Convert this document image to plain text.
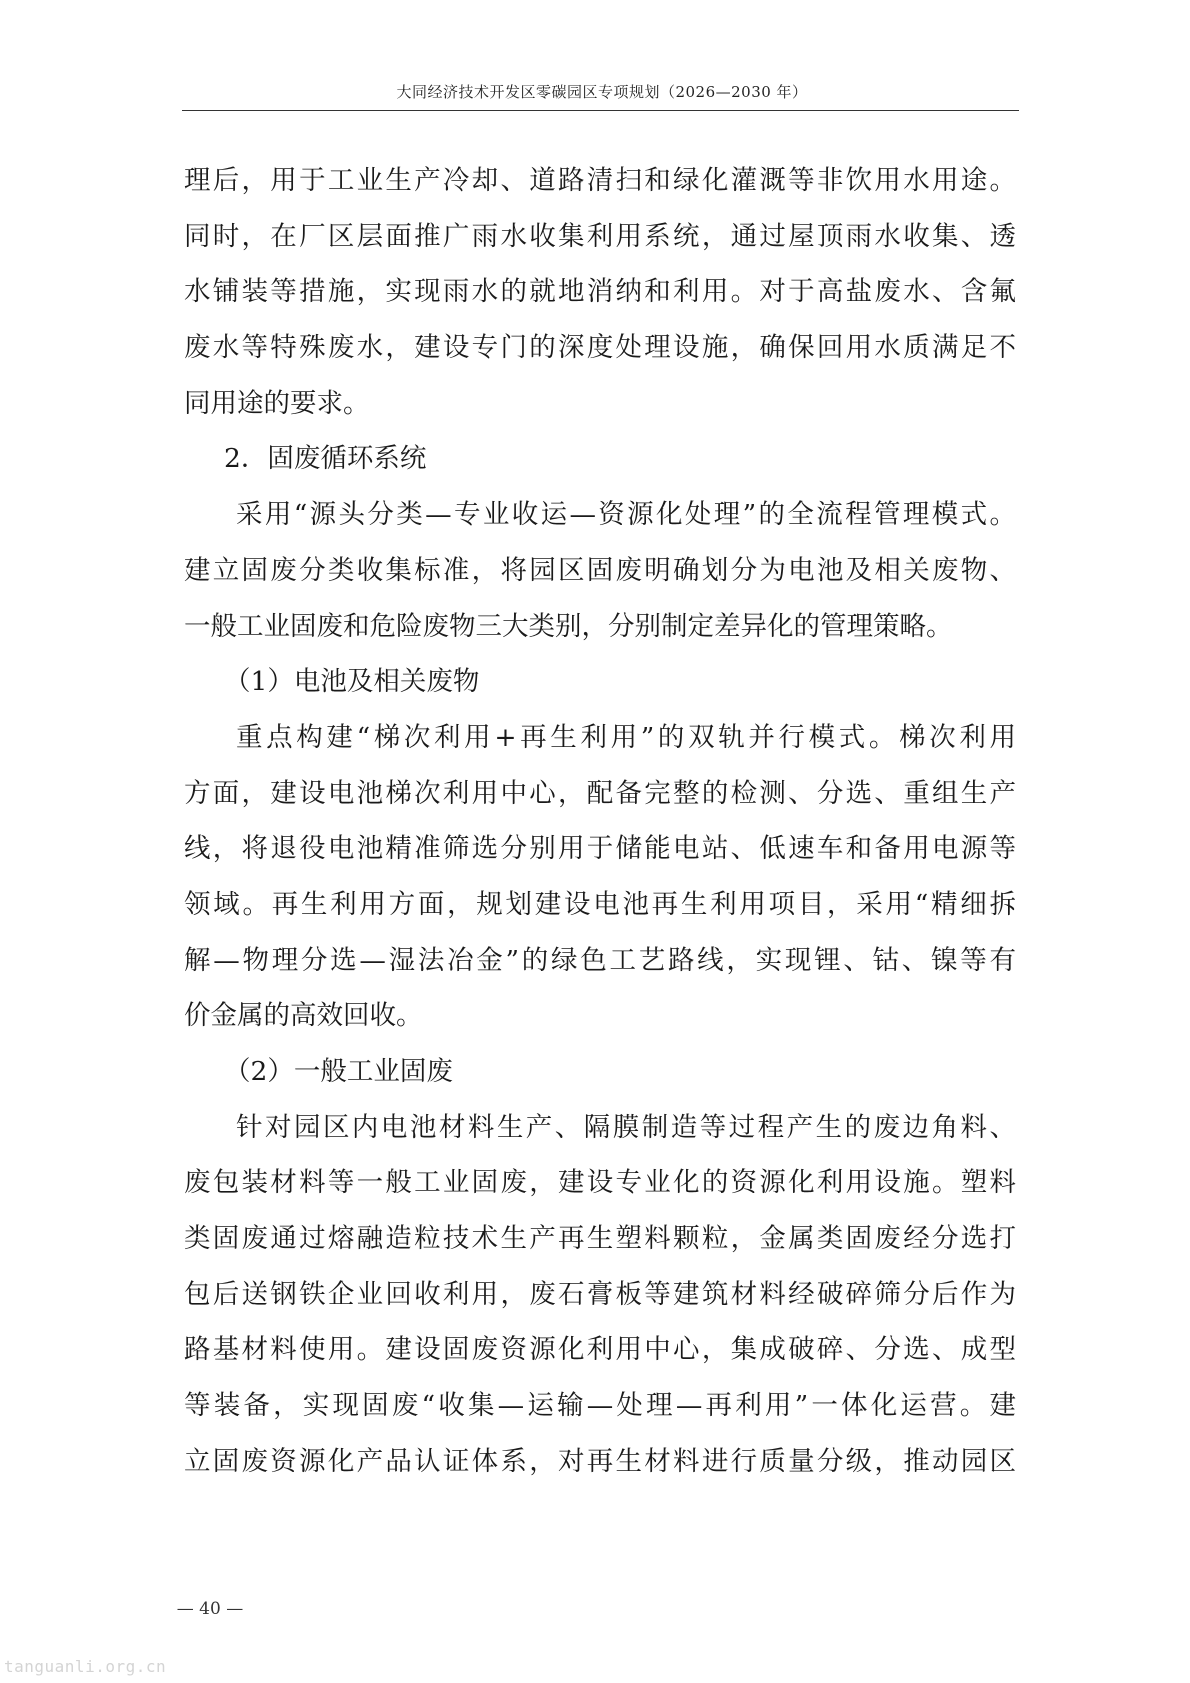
大同经济技术开发区零碳园区专项规划（2026—2030 年）
理后，用于工业生产冷却、道路清扫和绿化灌溉等非饮用水用途。
同时，在厂区层面推广雨水收集利用系统，通过屋顶雨水收集、透
水铺装等措施，实现雨水的就地消纳和利用。对于高盐废水、含氟
废水等特殊废水，建设专门的深度处理设施，确保回用水质满足不
同用途的要求。
2．固废循环系统
采用“源头分类—专业收运—资源化处理”的全流程管理模式。
建立固废分类收集标准，将园区固废明确划分为电池及相关废物、
一般工业固废和危险废物三大类别，分别制定差异化的管理策略。
（1）电池及相关废物
重点构建“梯次利用+再生利用”的双轨并行模式。梯次利用
方面，建设电池梯次利用中心，配备完整的检测、分选、重组生产
线，将退役电池精准筛选分别用于储能电站、低速车和备用电源等
领域。再生利用方面，规划建设电池再生利用项目，采用“精细拆
解—物理分选—湿法冶金”的绿色工艺路线，实现锂、钴、镍等有
价金属的高效回收。
（2）一般工业固废
针对园区内电池材料生产、隔膜制造等过程产生的废边角料、
废包装材料等一般工业固废，建设专业化的资源化利用设施。塑料
类固废通过熔融造粒技术生产再生塑料颗粒，金属类固废经分选打
包后送钢铁企业回收利用，废石膏板等建筑材料经破碎筛分后作为
路基材料使用。建设固废资源化利用中心，集成破碎、分选、成型
等装备，实现固废“收集—运输—处理—再利用”一体化运营。建
立固废资源化产品认证体系，对再生材料进行质量分级，推动园区
— 40 —
tanguanli.org.cn
